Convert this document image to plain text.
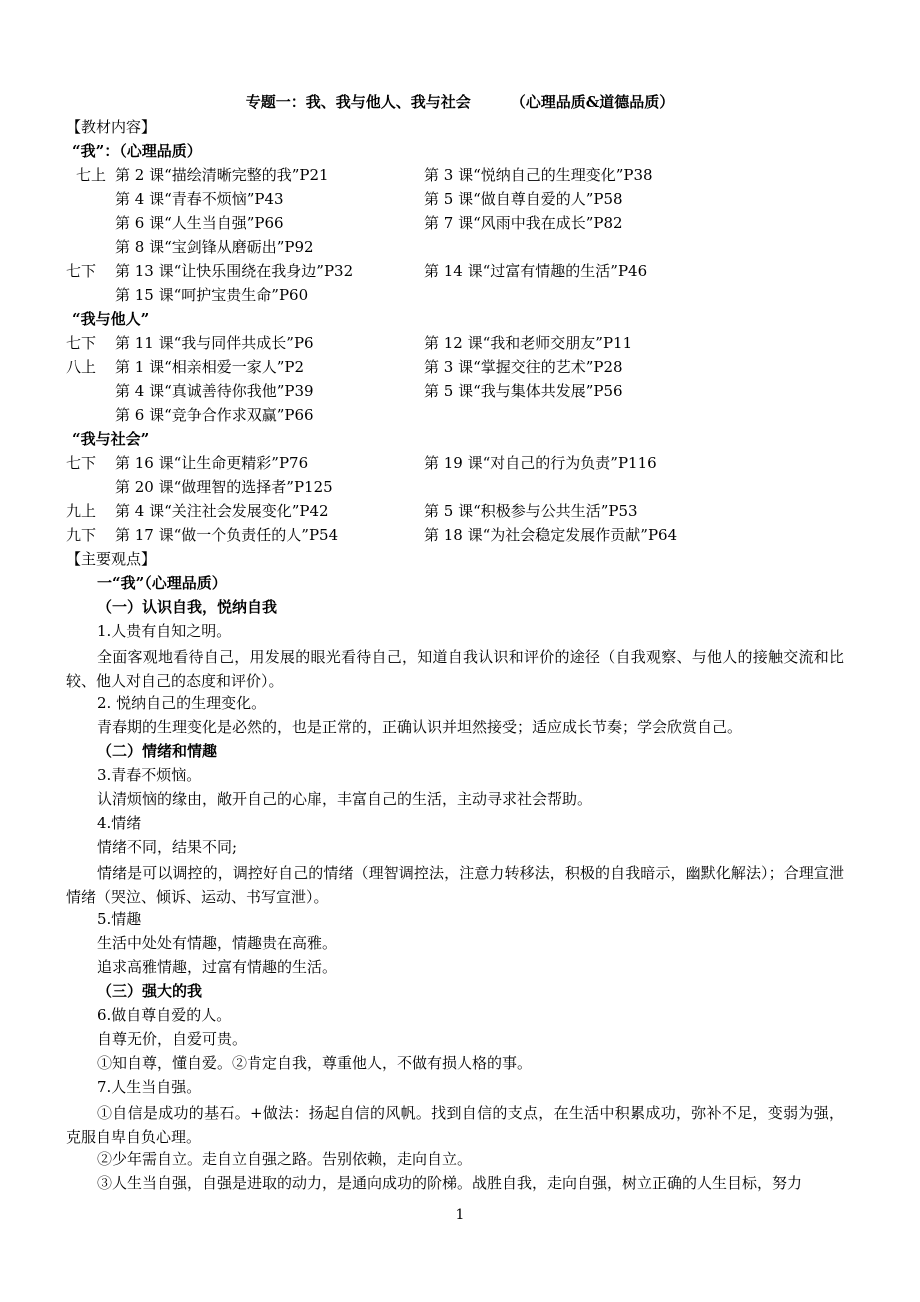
专题一：我、我与他人、我与社会	（心理品质&道德品质）
【教材内容】
“我”：（心理品质）
七上 第 2 课“描绘清晰完整的我”P21	第 3 课“悦纳自己的生理变化”P38
第 4 课“青春不烦恼”P43	第 5 课“做自尊自爱的人”P58
第 6 课“人生当自强”P66	第 7 课“风雨中我在成长”P82
第 8 课“宝剑锋从磨砺出”P92
七下 第 13 课“让快乐围绕在我身边”P32	第 14 课“过富有情趣的生活”P46
第 15 课“呵护宝贵生命”P60
“我与他人”
七下 第 11 课“我与同伴共成长”P6	第 12 课“我和老师交朋友”P11
八上 第 1 课“相亲相爱一家人”P2	第 3 课“掌握交往的艺术”P28
第 4 课“真诚善待你我他”P39	第 5 课“我与集体共发展”P56
第 6 课“竞争合作求双赢”P66
“我与社会”
七下 第 16 课“让生命更精彩”P76	第 19 课“对自己的行为负责”P116
第 20 课“做理智的选择者”P125
九上 第 4 课“关注社会发展变化”P42	第 5 课“积极参与公共生活”P53
九下 第 17 课“做一个负责任的人”P54	第 18 课“为社会稳定发展作贡献”P64
【主要观点】
一“我”（心理品质）
（一）认识自我，悦纳自我
1.人贵有自知之明。
全面客观地看待自己，用发展的眼光看待自己，知道自我认识和评价的途径（自我观察、与他人的接触交流和比较、他人对自己的态度和评价）。
2. 悦纳自己的生理变化。
青春期的生理变化是必然的，也是正常的，正确认识并坦然接受；适应成长节奏；学会欣赏自己。
（二）情绪和情趣
3.青春不烦恼。
认清烦恼的缘由，敞开自己的心扉，丰富自己的生活，主动寻求社会帮助。
4.情绪
情绪不同，结果不同;
情绪是可以调控的，调控好自己的情绪（理智调控法，注意力转移法，积极的自我暗示，幽默化解法）；合理宣泄情绪（哭泣、倾诉、运动、书写宣泄）。
5.情趣
生活中处处有情趣，情趣贵在高雅。
追求高雅情趣，过富有情趣的生活。
（三）强大的我
6.做自尊自爱的人。
自尊无价，自爱可贵。
①知自尊，懂自爱。②肯定自我，尊重他人，不做有损人格的事。
7.人生当自强。
①自信是成功的基石。+做法：扬起自信的风帆。找到自信的支点，在生活中积累成功，弥补不足，变弱为强，克服自卑自负心理。
②少年需自立。走自立自强之路。告别依赖，走向自立。
③人生当自强，自强是进取的动力，是通向成功的阶梯。战胜自我，走向自强，树立正确的人生目标，努力
1
